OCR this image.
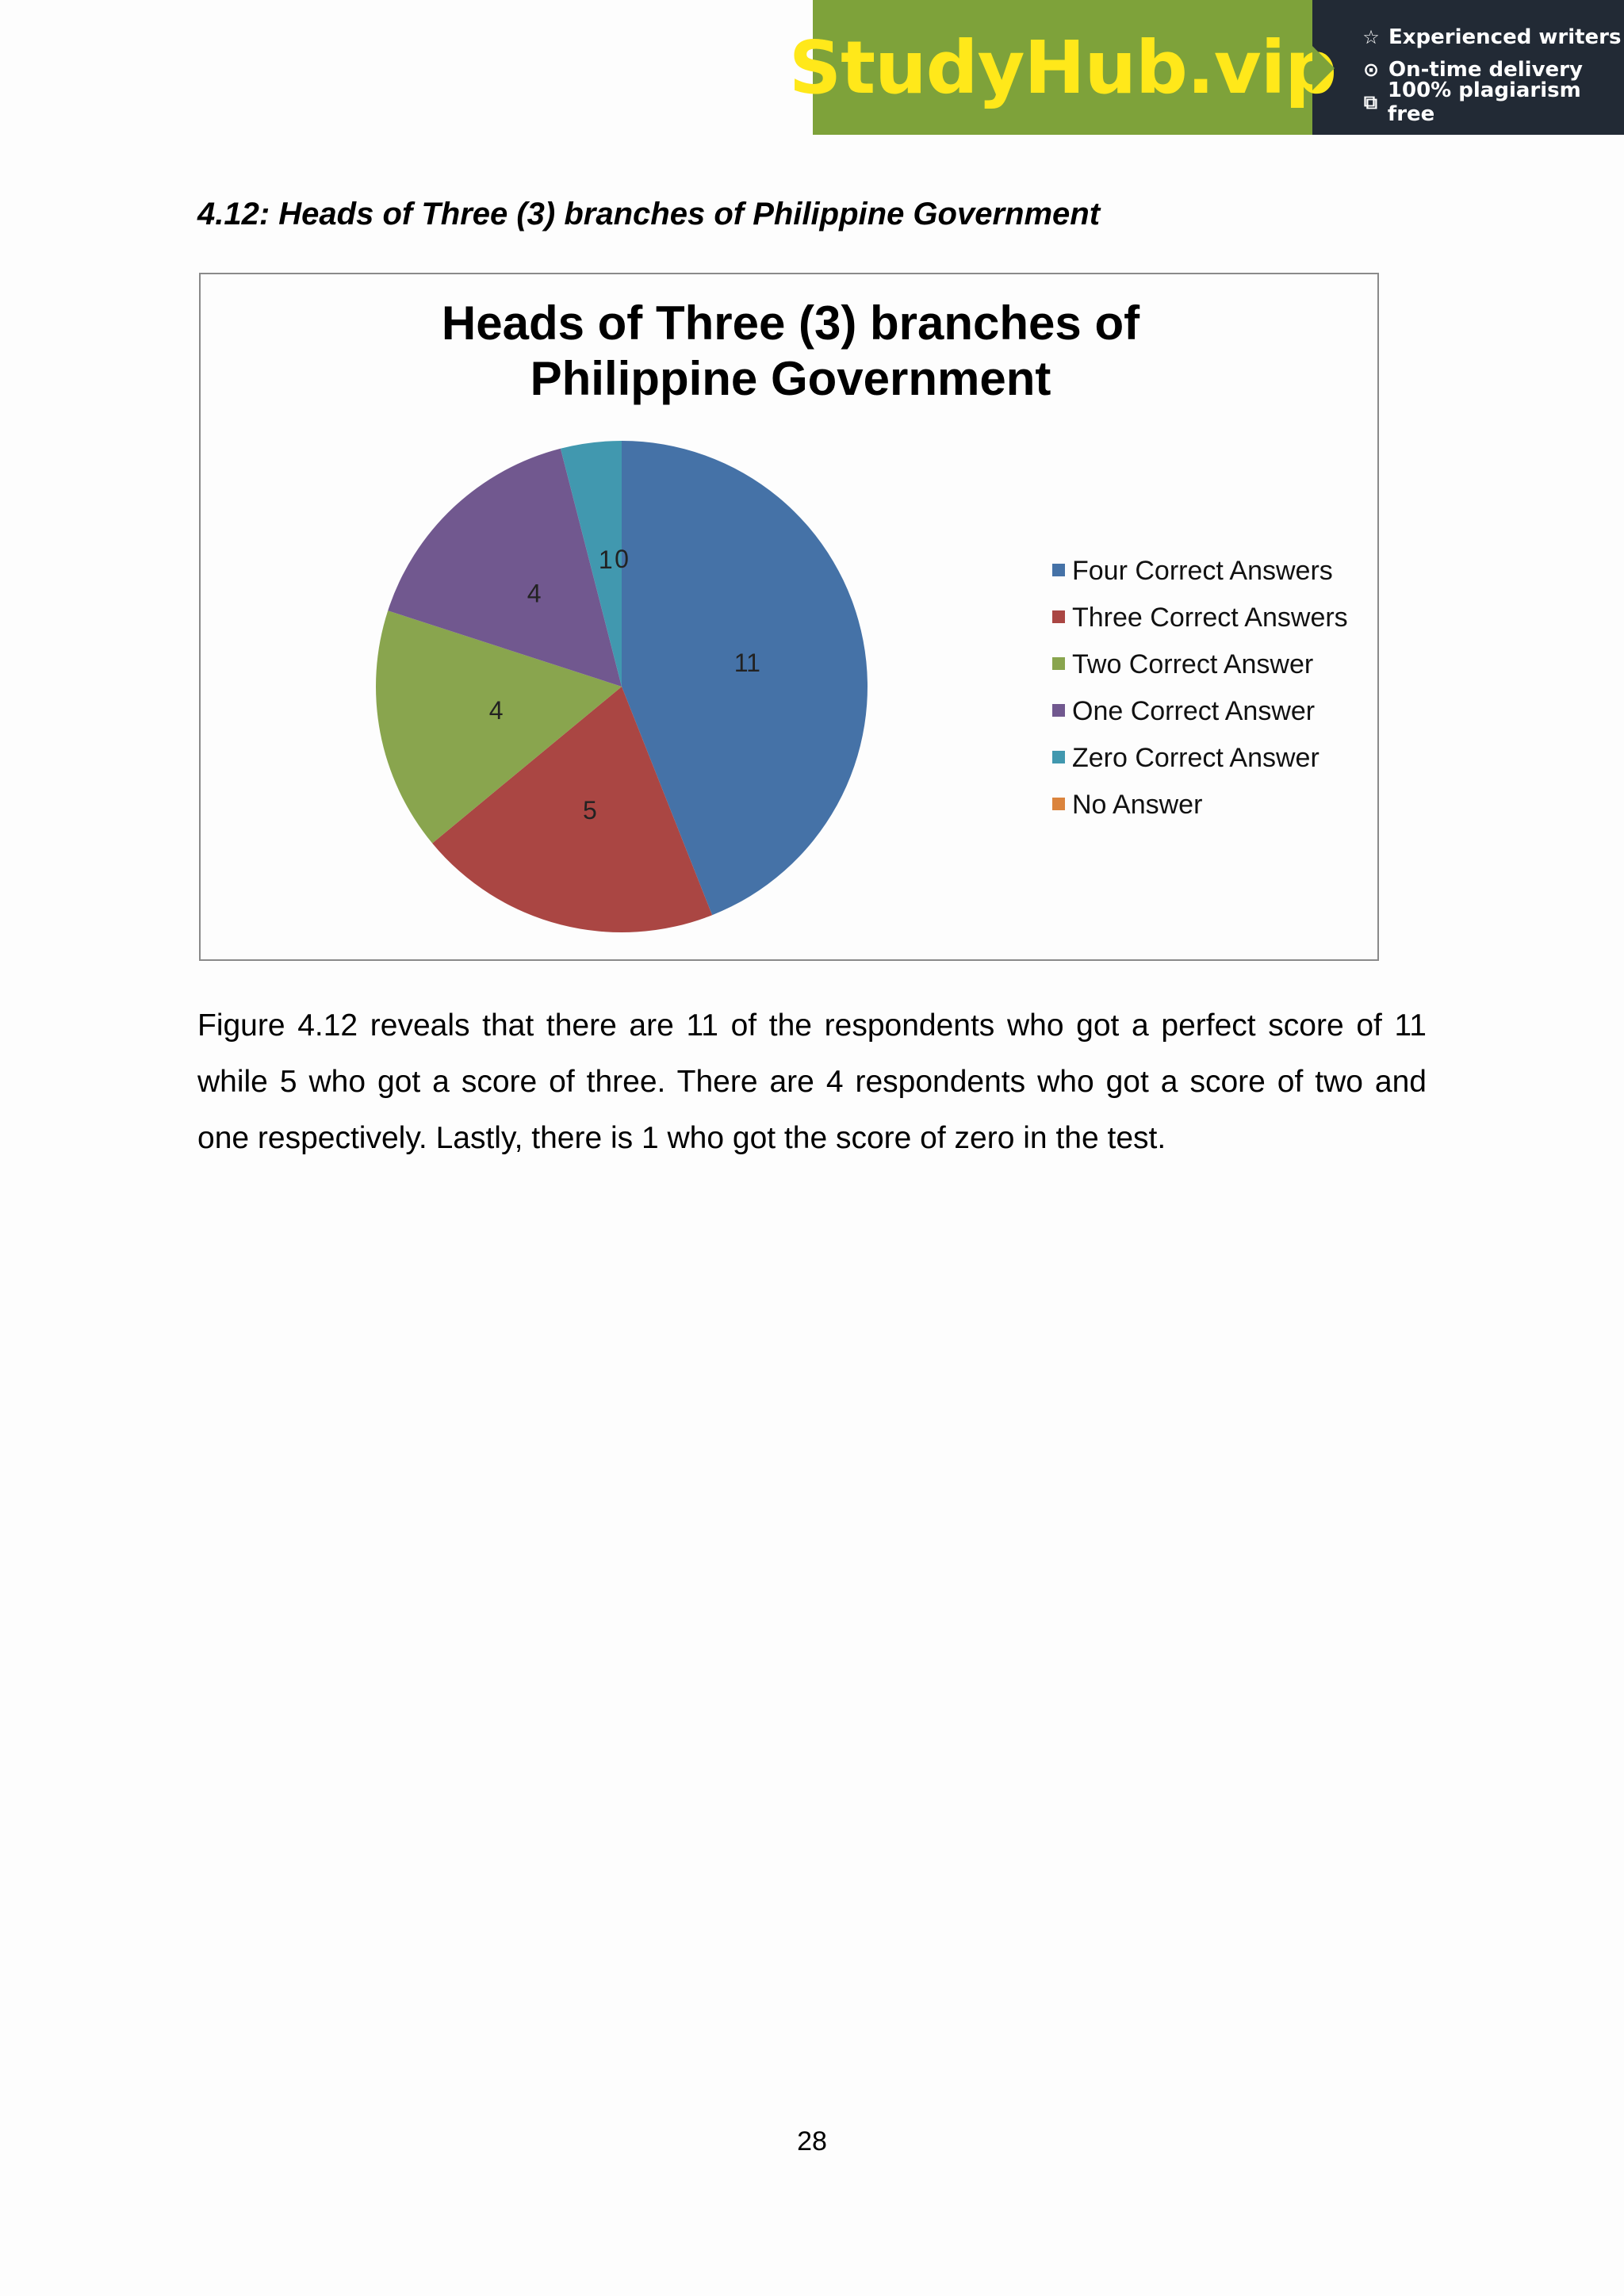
StudyHub.vip ☆ Experienced writers
⊙ On-time delivery
⧉ 100% plagiarism free

4.12: Heads of Three (3) branches of Philippine Government

Heads of Three (3) branches of
Philippine Government
11
5
4
4
1 0	Four Correct Answers
Three Correct Answers
Two Correct Answer
One Correct Answer
Zero Correct Answer
No Answer

Figure 4.12 reveals that there are 11 of the respondents who got a perfect score of 11 while 5 who got a score of three. There are 4 respondents who got a score of two and one respectively. Lastly, there is 1 who got the score of zero in the test.

28
